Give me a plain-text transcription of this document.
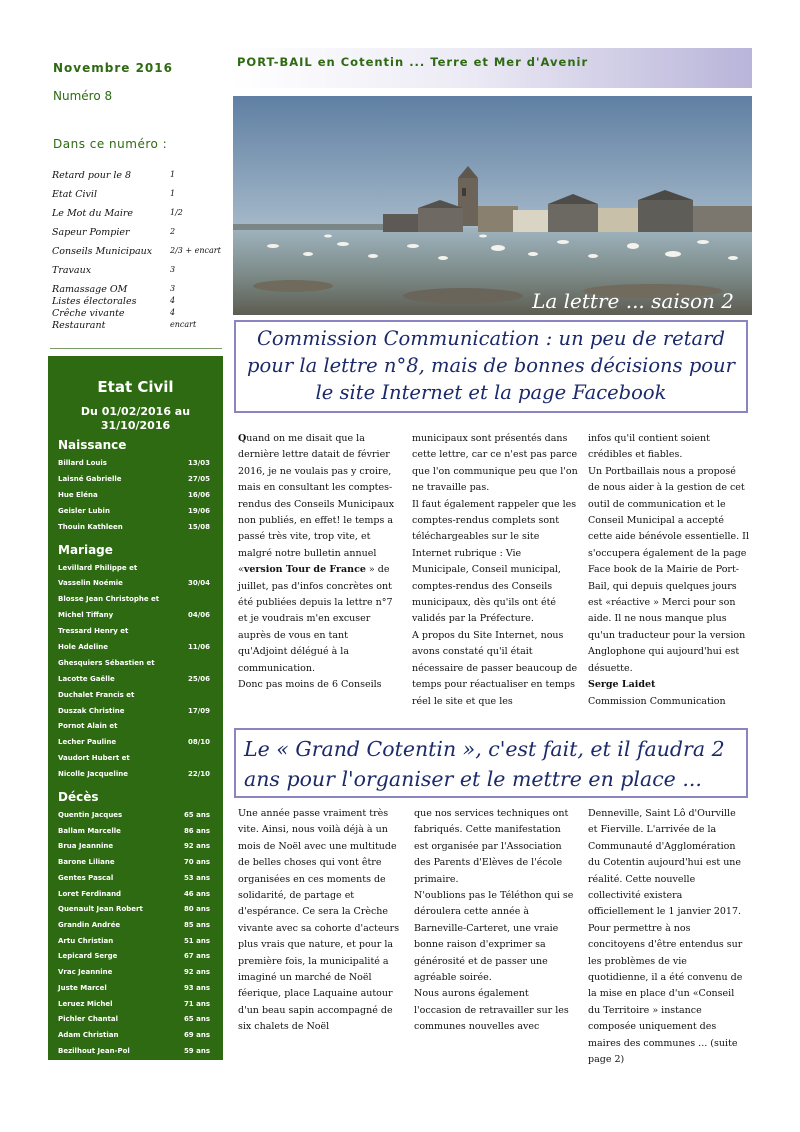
Novembre 2016
Numéro 8
Dans ce numéro :
Retard pour le 8	1
Etat Civil	1
Le Mot du Maire	1/2
Sapeur Pompier	2
Conseils Municipaux 2/3 + encart
Travaux	3
Ramassage OM	3
Listes électorales	4
Crêche vivante	4
Restaurant	encart
Etat Civil
Du 01/02/2016 au 31/10/2016
Naissance
Billard Louis	13/03
Laisné Gabrielle	27/05
Hue Eléna	16/06
Geisler Lubin	19/06
Thouin Kathleen	15/08
Mariage
Levillard Philippe et
Vasselin Noémie	30/04
Blosse Jean Christophe et
Michel Tiffany	04/06
Tressard Henry et
Hole Adeline	11/06
Ghesquiers Sébastien et
Lacotte Gaëlle	25/06
Duchalet Francis et
Duszak Christine	17/09
Pornot Alain et
Lecher Pauline	08/10
Vaudort Hubert et
Nicolle Jacqueline	22/10
Décès
Quentin Jacques	65 ans
Ballam Marcelle	86 ans
Brua Jeannine	92 ans
Barone Liliane	70 ans
Gentes Pascal	53 ans
Loret Ferdinand	46 ans
Quenault Jean Robert	80 ans
Grandin Andrée	85 ans
Artu Christian	51 ans
Lepicard Serge	67 ans
Vrac Jeannine	92 ans
Juste Marcel	93 ans
Leruez Michel	71 ans
Pichler Chantal	65 ans
Adam Christian	69 ans
Bezilhout Jean-Pol	59 ans
PORT-BAIL en Cotentin ... Terre et Mer d'Avenir
La lettre ... saison 2
Commission Communication : un peu de retard pour la lettre n°8, mais de bonnes décisions pour le site Internet et la page Facebook

Quand on me disait que la dernière lettre datait de février 2016, je ne voulais pas y croire, mais en consultant les comptes-rendus des Conseils Municipaux non publiés, en effet! le temps a passé très vite, trop vite, et malgré notre bulletin annuel «version Tour de France » de juillet, pas d'infos concrètes ont été publiées depuis la lettre n°7 et je voudrais m'en excuser auprès de vous en tant qu'Adjoint délégué à la communication.

Donc pas moins de 6 Conseils

municipaux sont présentés dans cette lettre, car ce n'est pas parce que l'on communique peu que l'on ne travaille pas.

Il faut également rappeler que les comptes-rendus complets sont téléchargeables sur le site Internet rubrique : Vie Municipale, Conseil municipal, comptes-rendus des Conseils municipaux, dès qu'ils ont été validés par la Préfecture.

A propos du Site Internet, nous avons constaté qu'il était nécessaire de passer beaucoup de temps pour réactualiser en temps réel le site et que les

infos qu'il contient soient crédibles et fiables.

Un Portbaillais nous a proposé de nous aider à la gestion de cet outil de communication et le Conseil Municipal a accepté cette aide bénévole essentielle. Il s'occupera également de la page Face book de la Mairie de Port-Bail, qui depuis quelques jours est «réactive » Merci pour son aide. Il ne nous manque plus qu'un traducteur pour la version Anglophone qui aujourd'hui est désuette.

Serge Laidet

Commission Communication

Le « Grand Cotentin », c'est fait, et il faudra 2 ans pour l'organiser et le mettre en place ...

Une année passe vraiment très vite. Ainsi, nous voilà déjà à un mois de Noël avec une multitude de belles choses qui vont être organisées en ces moments de solidarité, de partage et d'espérance. Ce sera la Crèche vivante avec sa cohorte d'acteurs plus vrais que nature, et pour la première fois, la municipalité a imaginé un marché de Noël féerique, place Laquaine autour d'un beau sapin accompagné de six chalets de Noël

que nos services techniques ont fabriqués. Cette manifestation est organisée par l'Association des Parents d'Elèves de l'école primaire.

N'oublions pas le Téléthon qui se déroulera cette année à Barneville-Carteret, une vraie bonne raison d'exprimer sa générosité et de passer une agréable soirée.

Nous aurons également l'occasion de retravailler sur les communes nouvelles avec

Denneville, Saint Lô d'Ourville et Fierville. L'arrivée de la Communauté d'Agglomération du Cotentin aujourd'hui est une réalité. Cette nouvelle collectivité existera officiellement le 1 janvier 2017. Pour permettre à nos concitoyens d'être entendus sur les problèmes de vie quotidienne, il a été convenu de la mise en place d'un «Conseil du Territoire » instance composée uniquement des maires des communes ... (suite page 2)
